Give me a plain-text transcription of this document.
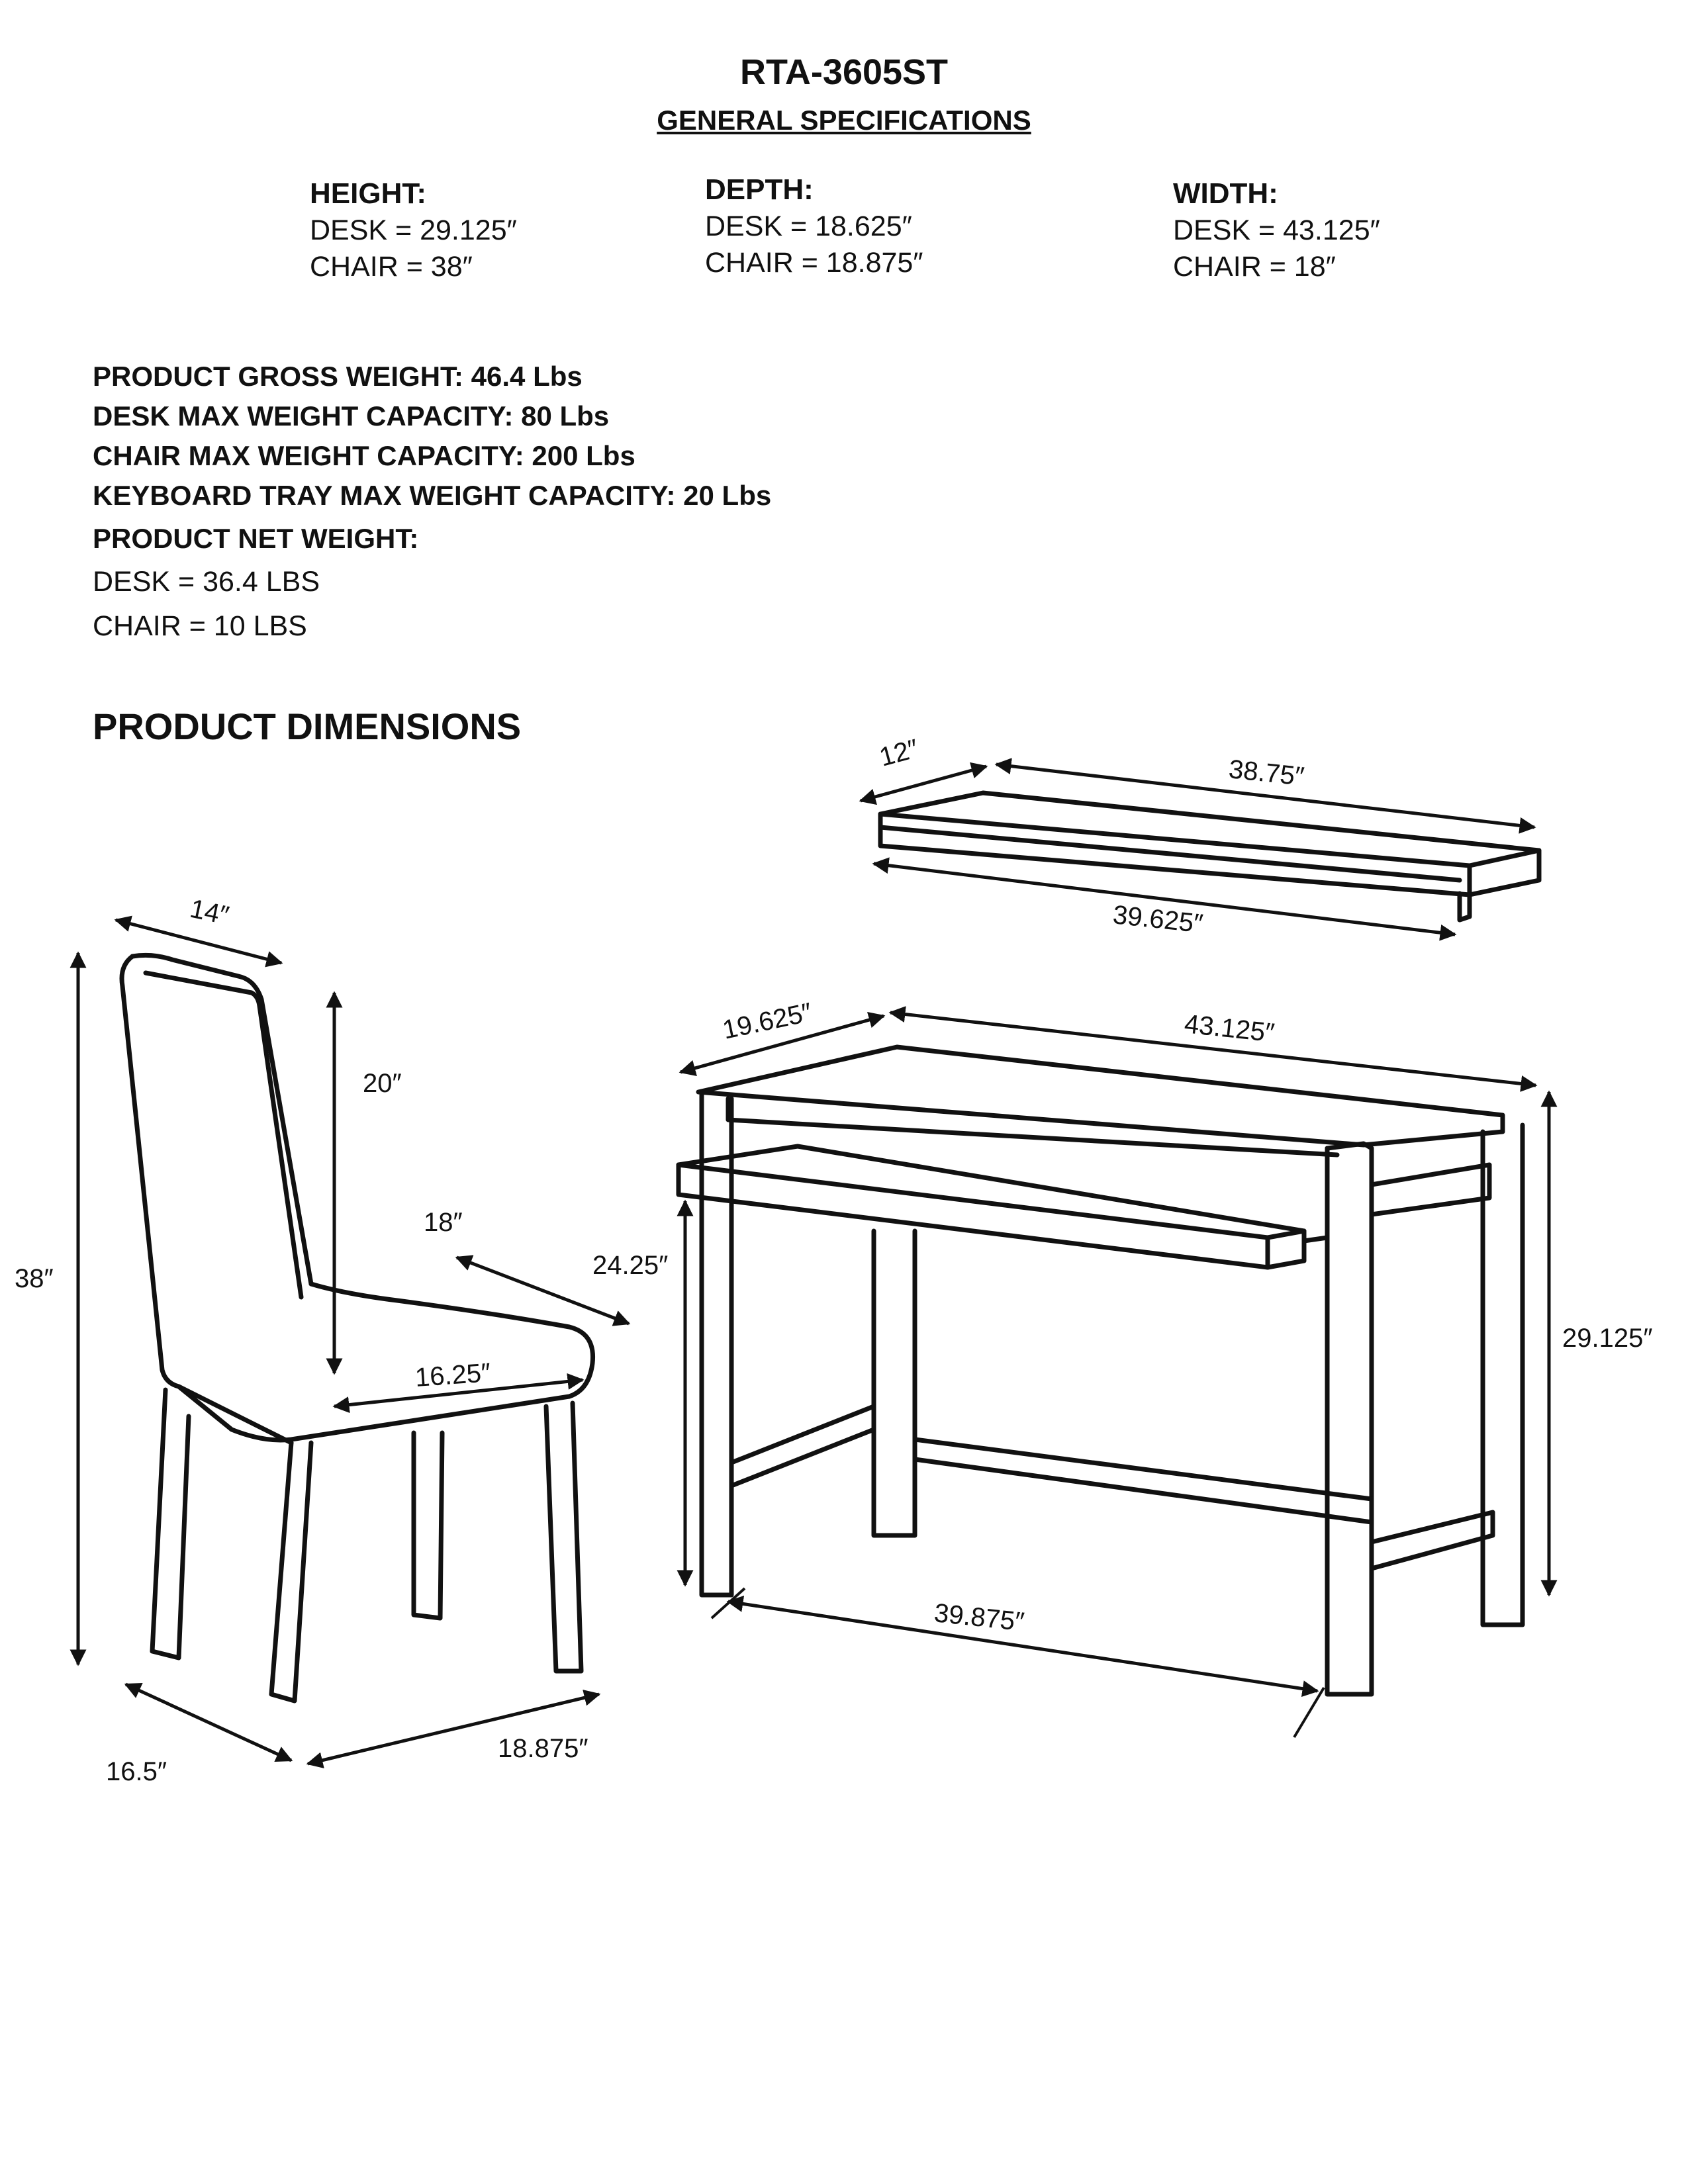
RTA-3605ST
GENERAL SPECIFICATIONS
HEIGHT:
DESK = 29.125″
CHAIR = 38″
DEPTH:
DESK = 18.625″
CHAIR = 18.875″
WIDTH:
DESK = 43.125″
CHAIR = 18″
PRODUCT GROSS WEIGHT: 46.4 Lbs
DESK MAX WEIGHT CAPACITY: 80 Lbs
CHAIR MAX WEIGHT CAPACITY: 200 Lbs
KEYBOARD TRAY MAX WEIGHT CAPACITY: 20 Lbs
PRODUCT NET WEIGHT:
DESK = 36.4 LBS
CHAIR = 10 LBS
PRODUCT DIMENSIONS
12″
38.75″
39.625″
14″
20″
18″
38″
16.25″
16.5″
18.875″
19.625″	43.125″
24.25″
29.125″
39.875″
